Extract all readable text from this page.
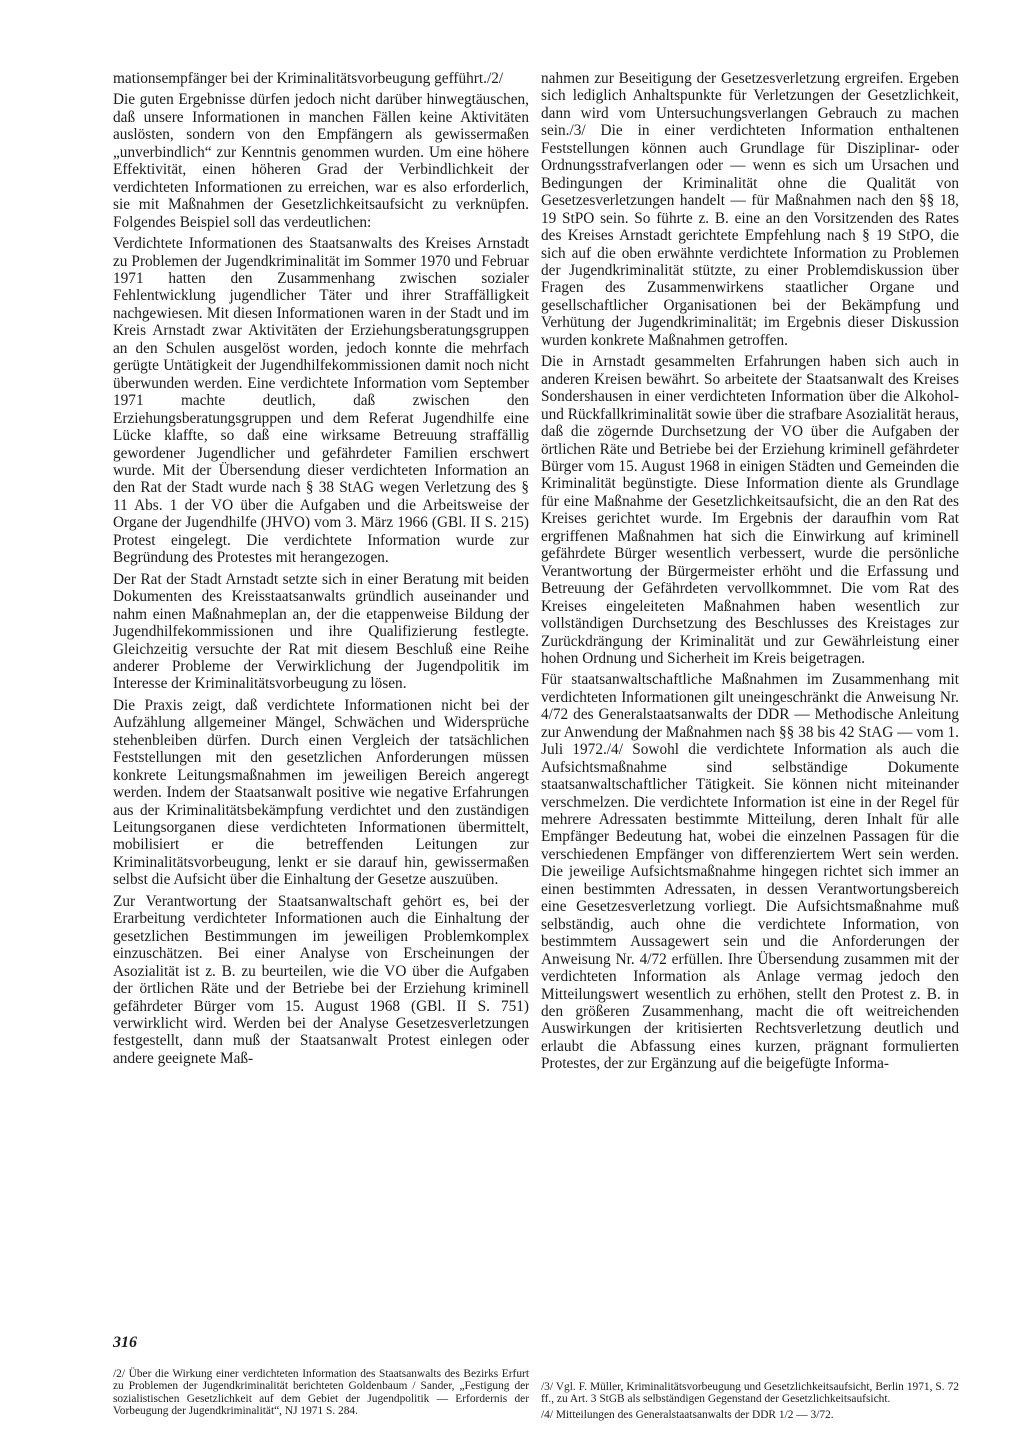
mationsempfänger bei der Kriminalitätsvorbeugung gefführt./2/

Die guten Ergebnisse dürfen jedoch nicht darüber hinwegtäuschen, daß unsere Informationen in manchen Fällen keine Aktivitäten auslösten, sondern von den Empfängern als gewissermaßen „unverbindlich“ zur Kenntnis genommen wurden. Um eine höhere Effektivität, einen höheren Grad der Verbindlichkeit der verdichteten Informationen zu erreichen, war es also erforderlich, sie mit Maßnahmen der Gesetzlichkeitsaufsicht zu verknüpfen. Folgendes Beispiel soll das verdeutlichen:

Verdichtete Informationen des Staatsanwalts des Kreises Arnstadt zu Problemen der Jugendkriminalität im Sommer 1970 und Februar 1971 hatten den Zusammenhang zwischen sozialer Fehlentwicklung jugendlicher Täter und ihrer Straffälligkeit nachgewiesen. Mit diesen Informationen waren in der Stadt und im Kreis Arnstadt zwar Aktivitäten der Erziehungsberatungsgruppen an den Schulen ausgelöst worden, jedoch konnte die mehrfach gerügte Untätigkeit der Jugendhilfekommissionen damit noch nicht überwunden werden. Eine verdichtete Information vom September 1971 machte deutlich, daß zwischen den Erziehungsberatungsgruppen und dem Referat Jugendhilfe eine Lücke klaffte, so daß eine wirksame Betreuung straffällig gewordener Jugendlicher und gefährdeter Familien erschwert wurde. Mit der Übersendung dieser verdichteten Information an den Rat der Stadt wurde nach § 38 StAG wegen Verletzung des § 11 Abs. 1 der VO über die Aufgaben und die Arbeitsweise der Organe der Jugendhilfe (JHVO) vom 3. März 1966 (GBl. II S. 215) Protest eingelegt. Die verdichtete Information wurde zur Begründung des Protestes mit herangezogen.

Der Rat der Stadt Arnstadt setzte sich in einer Beratung mit beiden Dokumenten des Kreisstaatsanwalts gründlich auseinander und nahm einen Maßnahmeplan an, der die etappenweise Bildung der Jugendhilfekommissionen und ihre Qualifizierung festlegte. Gleichzeitig versuchte der Rat mit diesem Beschluß eine Reihe anderer Probleme der Verwirklichung der Jugendpolitik im Interesse der Kriminalitätsvorbeugung zu lösen.

Die Praxis zeigt, daß verdichtete Informationen nicht bei der Aufzählung allgemeiner Mängel, Schwächen und Widersprüche stehenbleiben dürfen. Durch einen Vergleich der tatsächlichen Feststellungen mit den gesetzlichen Anforderungen müssen konkrete Leitungsmaßnahmen im jeweiligen Bereich angeregt werden. Indem der Staatsanwalt positive wie negative Erfahrungen aus der Kriminalitätsbekämpfung verdichtet und den zuständigen Leitungsorganen diese verdichteten Informationen übermittelt, mobilisiert er die betreffenden Leitungen zur Kriminalitätsvorbeugung, lenkt er sie darauf hin, gewissermaßen selbst die Aufsicht über die Einhaltung der Gesetze auszuüben.

Zur Verantwortung der Staatsanwaltschaft gehört es, bei der Erarbeitung verdichteter Informationen auch die Einhaltung der gesetzlichen Bestimmungen im jeweiligen Problemkomplex einzuschätzen. Bei einer Analyse von Erscheinungen der Asozialität ist z. B. zu beurteilen, wie die VO über die Aufgaben der örtlichen Räte und der Betriebe bei der Erziehung kriminell gefährdeter Bürger vom 15. August 1968 (GBl. II S. 751) verwirklicht wird. Werden bei der Analyse Gesetzesverletzungen festgestellt, dann muß der Staatsanwalt Protest einlegen oder andere geeignete Maß-

nahmen zur Beseitigung der Gesetzesverletzung ergreifen. Ergeben sich lediglich Anhaltspunkte für Verletzungen der Gesetzlichkeit, dann wird vom Untersuchungsverlangen Gebrauch zu machen sein./3/ Die in einer verdichteten Information enthaltenen Feststellungen können auch Grundlage für Disziplinar- oder Ordnungsstrafverlangen oder — wenn es sich um Ursachen und Bedingungen der Kriminalität ohne die Qualität von Gesetzesverletzungen handelt — für Maßnahmen nach den §§ 18, 19 StPO sein. So führte z. B. eine an den Vorsitzenden des Rates des Kreises Arnstadt gerichtete Empfehlung nach § 19 StPO, die sich auf die oben erwähnte verdichtete Information zu Problemen der Jugendkriminalität stützte, zu einer Problemdiskussion über Fragen des Zusammenwirkens staatlicher Organe und gesellschaftlicher Organisationen bei der Bekämpfung und Verhütung der Jugendkriminalität; im Ergebnis dieser Diskussion wurden konkrete Maßnahmen getroffen.

Die in Arnstadt gesammelten Erfahrungen haben sich auch in anderen Kreisen bewährt. So arbeitete der Staatsanwalt des Kreises Sondershausen in einer verdichteten Information über die Alkohol- und Rückfallkriminalität sowie über die strafbare Asozialität heraus, daß die zögernde Durchsetzung der VO über die Aufgaben der örtlichen Räte und Betriebe bei der Erziehung kriminell gefährdeter Bürger vom 15. August 1968 in einigen Städten und Gemeinden die Kriminalität begünstigte. Diese Information diente als Grundlage für eine Maßnahme der Gesetzlichkeitsaufsicht, die an den Rat des Kreises gerichtet wurde. Im Ergebnis der daraufhin vom Rat ergriffenen Maßnahmen hat sich die Einwirkung auf kriminell gefährdete Bürger wesentlich verbessert, wurde die persönliche Verantwortung der Bürgermeister erhöht und die Erfassung und Betreuung der Gefährdeten vervollkommnet. Die vom Rat des Kreises eingeleiteten Maßnahmen haben wesentlich zur vollständigen Durchsetzung des Beschlusses des Kreistages zur Zurückdrängung der Kriminalität und zur Gewährleistung einer hohen Ordnung und Sicherheit im Kreis beigetragen.

Für staatsanwaltschaftliche Maßnahmen im Zusammenhang mit verdichteten Informationen gilt uneingeschränkt die Anweisung Nr. 4/72 des Generalstaatsanwalts der DDR — Methodische Anleitung zur Anwendung der Maßnahmen nach §§ 38 bis 42 StAG — vom 1. Juli 1972./4/ Sowohl die verdichtete Information als auch die Aufsichtsmaßnahme sind selbständige Dokumente staatsanwaltschaftlicher Tätigkeit. Sie können nicht miteinander verschmelzen. Die verdichtete Information ist eine in der Regel für mehrere Adressaten bestimmte Mitteilung, deren Inhalt für alle Empfänger Bedeutung hat, wobei die einzelnen Passagen für die verschiedenen Empfänger von differenziertem Wert sein werden. Die jeweilige Aufsichtsmaßnahme hingegen richtet sich immer an einen bestimmten Adressaten, in dessen Verantwortungsbereich eine Gesetzesverletzung vorliegt. Die Aufsichtsmaßnahme muß selbständig, auch ohne die verdichtete Information, von bestimmtem Aussagewert sein und die Anforderungen der Anweisung Nr. 4/72 erfüllen. Ihre Übersendung zusammen mit der verdichteten Information als Anlage vermag jedoch den Mitteilungswert wesentlich zu erhöhen, stellt den Protest z. B. in den größeren Zusammenhang, macht die oft weitreichenden Auswirkungen der kritisierten Rechtsverletzung deutlich und erlaubt die Abfassung eines kurzen, prägnant formulierten Protestes, der zur Ergänzung auf die beigefügte Informa-

/2/ Über die Wirkung einer verdichteten Information des Staatsanwalts des Bezirks Erfurt zu Problemen der Jugendkriminalität berichteten Goldenbaum / Sander, „Festigung der sozialistischen Gesetzlichkeit auf dem Gebiet der Jugendpolitik — Erfordernis der Vorbeugung der Jugendkriminalität“, NJ 1971 S. 284.

/3/ Vgl. F. Müller, Kriminalitätsvorbeugung und Gesetzlichkeitsaufsicht, Berlin 1971, S. 72 ff., zu Art. 3 StGB als selbständigen Gegenstand der Gesetzlichkeitsaufsicht.

/4/ Mitteilungen des Generalstaatsanwalts der DDR 1/2 — 3/72.

316
